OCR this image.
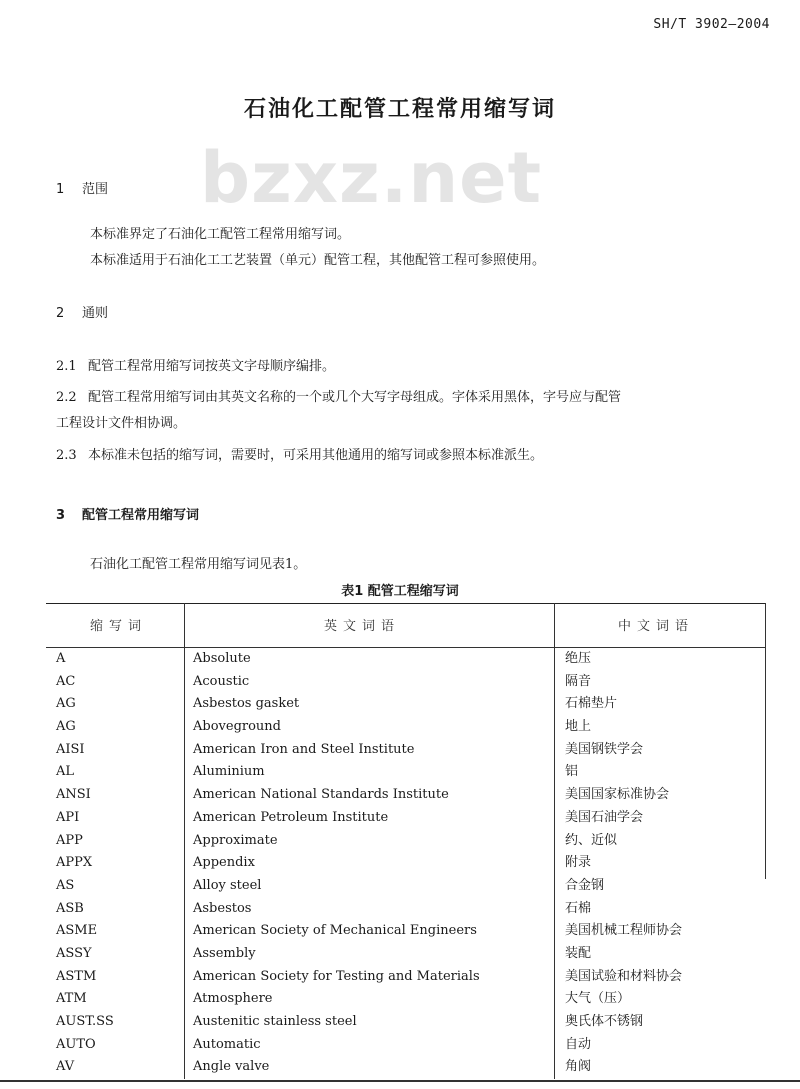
SH/T 3902—2004
石油化工配管工程常用缩写词
bzxz.net
1 范围
本标准界定了石油化工配管工程常用缩写词。
本标准适用于石油化工工艺装置（单元）配管工程，其他配管工程可参照使用。
2 通则
2.1 配管工程常用缩写词按英文字母顺序编排。
2.2 配管工程常用缩写词由其英文名称的一个或几个大写字母组成。字体采用黑体，字号应与配管
工程设计文件相协调。
2.3 本标准未包括的缩写词，需要时，可采用其他通用的缩写词或参照本标准派生。
3 配管工程常用缩写词
石油化工配管工程常用缩写词见表1。
表1 配管工程缩写词
缩写词	英文词语	中文词语
A	Absolute	绝压
AC	Acoustic	隔音
AG	Asbestos gasket	石棉垫片
AG	Aboveground	地上
AISI	American Iron and Steel Institute	美国钢铁学会
AL	Aluminium	铝
ANSI	American National Standards Institute	美国国家标准协会
API	American Petroleum Institute	美国石油学会
APP	Approximate	约、近似
APPX	Appendix	附录
AS	Alloy steel	合金钢
ASB	Asbestos	石棉
ASME	American Society of Mechanical Engineers	美国机械工程师协会
ASSY	Assembly	装配
ASTM	American Society for Testing and Materials	美国试验和材料协会
ATM	Atmosphere	大气（压）
AUST.SS	Austenitic stainless steel	奥氏体不锈钢
AUTO	Automatic	自动
AV	Angle valve	角阀
